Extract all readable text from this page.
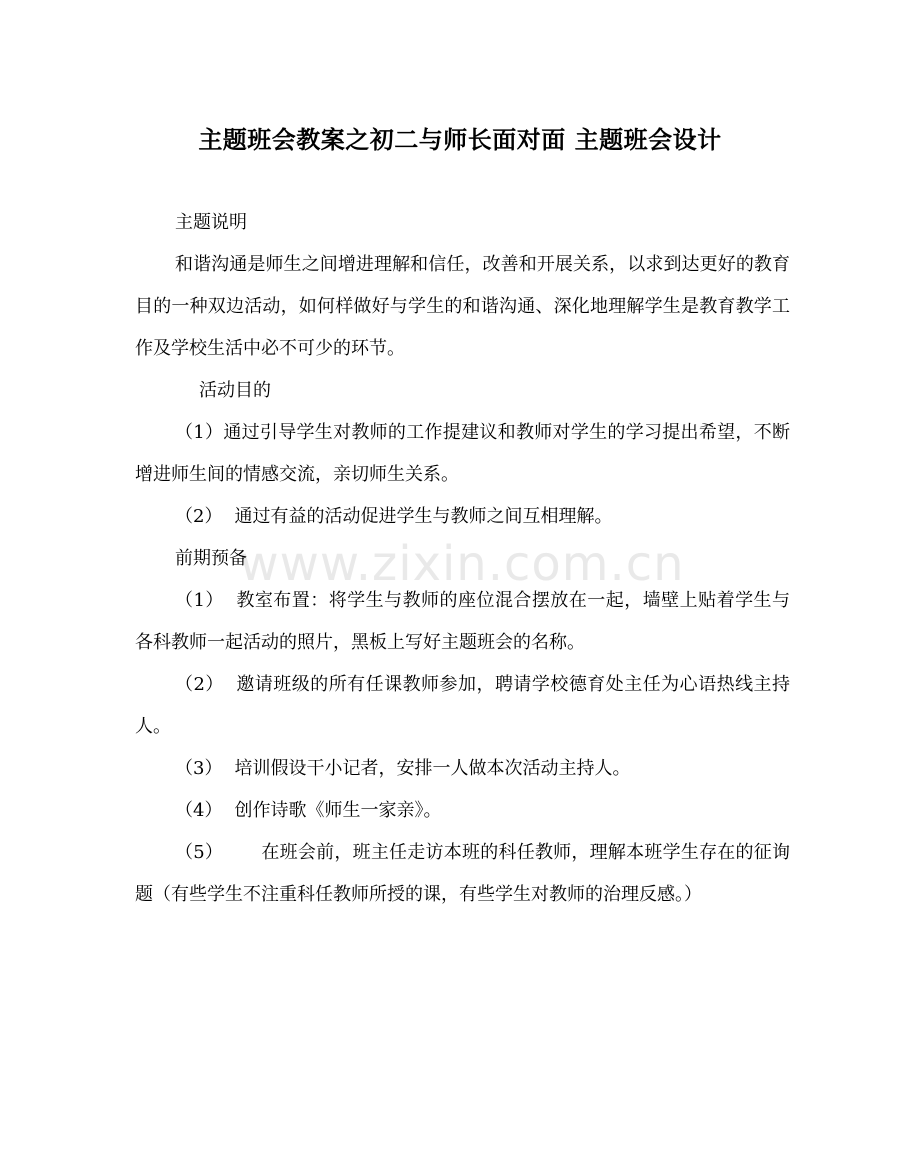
主题班会教案之初二与师长面对面 主题班会设计
www.zixin.com.cn

主题说明

和谐沟通是师生之间增进理解和信任，改善和开展关系，以求到达更好的教育目的一种双边活动，如何样做好与学生的和谐沟通、深化地理解学生是教育教学工作及学校生活中必不可少的环节。

活动目的

（1）通过引导学生对教师的工作提建议和教师对学生的学习提出希望，不断增进师生间的情感交流，亲切师生关系。

（2） 通过有益的活动促进学生与教师之间互相理解。

前期预备

（1） 教室布置：将学生与教师的座位混合摆放在一起，墙壁上贴着学生与各科教师一起活动的照片，黑板上写好主题班会的名称。

（2） 邀请班级的所有任课教师参加，聘请学校德育处主任为心语热线主持人。

（3） 培训假设干小记者，安排一人做本次活动主持人。

（4） 创作诗歌《师生一家亲》。

（5） 在班会前，班主任走访本班的科任教师，理解本班学生存在的征询题（有些学生不注重科任教师所授的课，有些学生对教师的治理反感。）
